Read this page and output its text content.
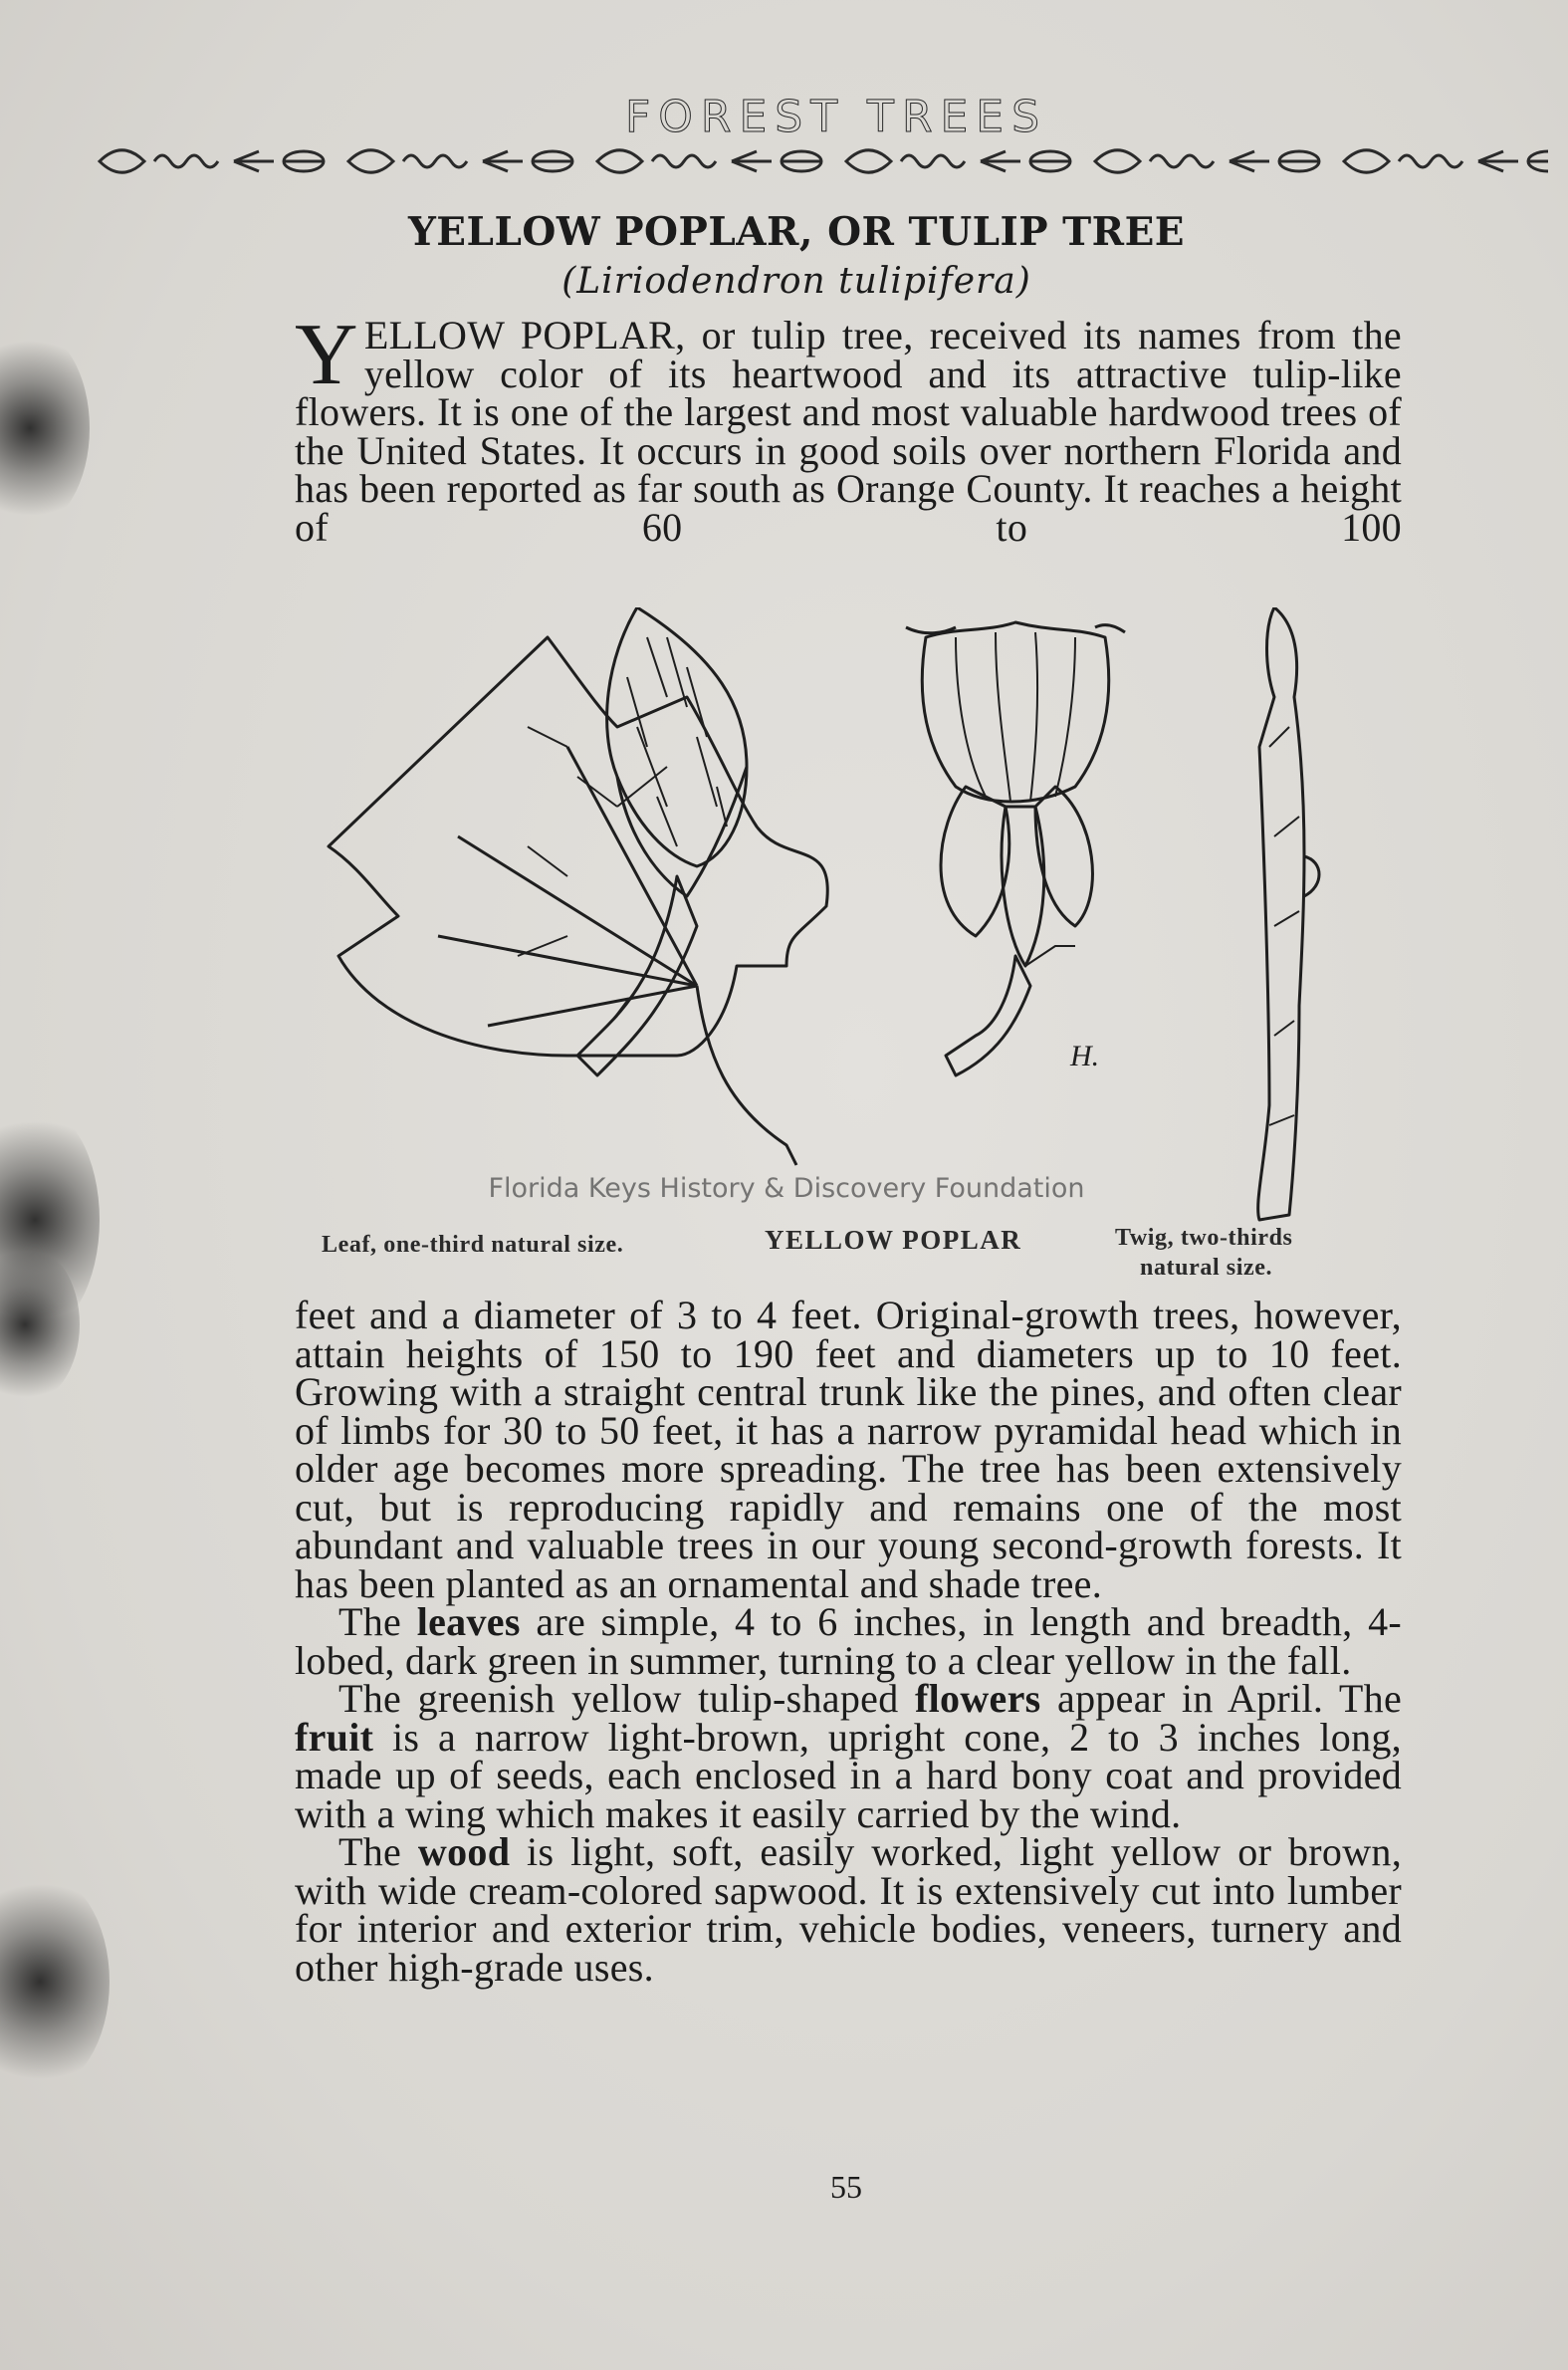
FOREST TREES
YELLOW POPLAR, OR TULIP TREE
(Liriodendron tulipifera)

YELLOW POPLAR, or tulip tree, received its names from the yellow color of its heartwood and its attractive tulip-like flowers. It is one of the largest and most valuable hardwood trees of the United States. It occurs in good soils over northern Florida and has been reported as far south as Orange County. It reaches a height of 60 to 100

H.
Florida Keys History & Discovery Foundation
Leaf, one-third natural size.	YELLOW POPLAR	Twig, two-thirds
natural size.

feet and a diameter of 3 to 4 feet. Original-growth trees, however, attain heights of 150 to 190 feet and diameters up to 10 feet. Growing with a straight central trunk like the pines, and often clear of limbs for 30 to 50 feet, it has a narrow pyramidal head which in older age becomes more spreading. The tree has been extensively cut, but is reproducing rapidly and remains one of the most abundant and valuable trees in our young second-growth forests. It has been planted as an ornamental and shade tree.

The leaves are simple, 4 to 6 inches, in length and breadth, 4-lobed, dark green in summer, turning to a clear yellow in the fall.

The greenish yellow tulip-shaped flowers appear in April. The fruit is a narrow light-brown, upright cone, 2 to 3 inches long, made up of seeds, each enclosed in a hard bony coat and provided with a wing which makes it easily carried by the wind.

The wood is light, soft, easily worked, light yellow or brown, with wide cream-colored sapwood. It is extensively cut into lumber for interior and exterior trim, vehicle bodies, veneers, turnery and other high-grade uses.

55
